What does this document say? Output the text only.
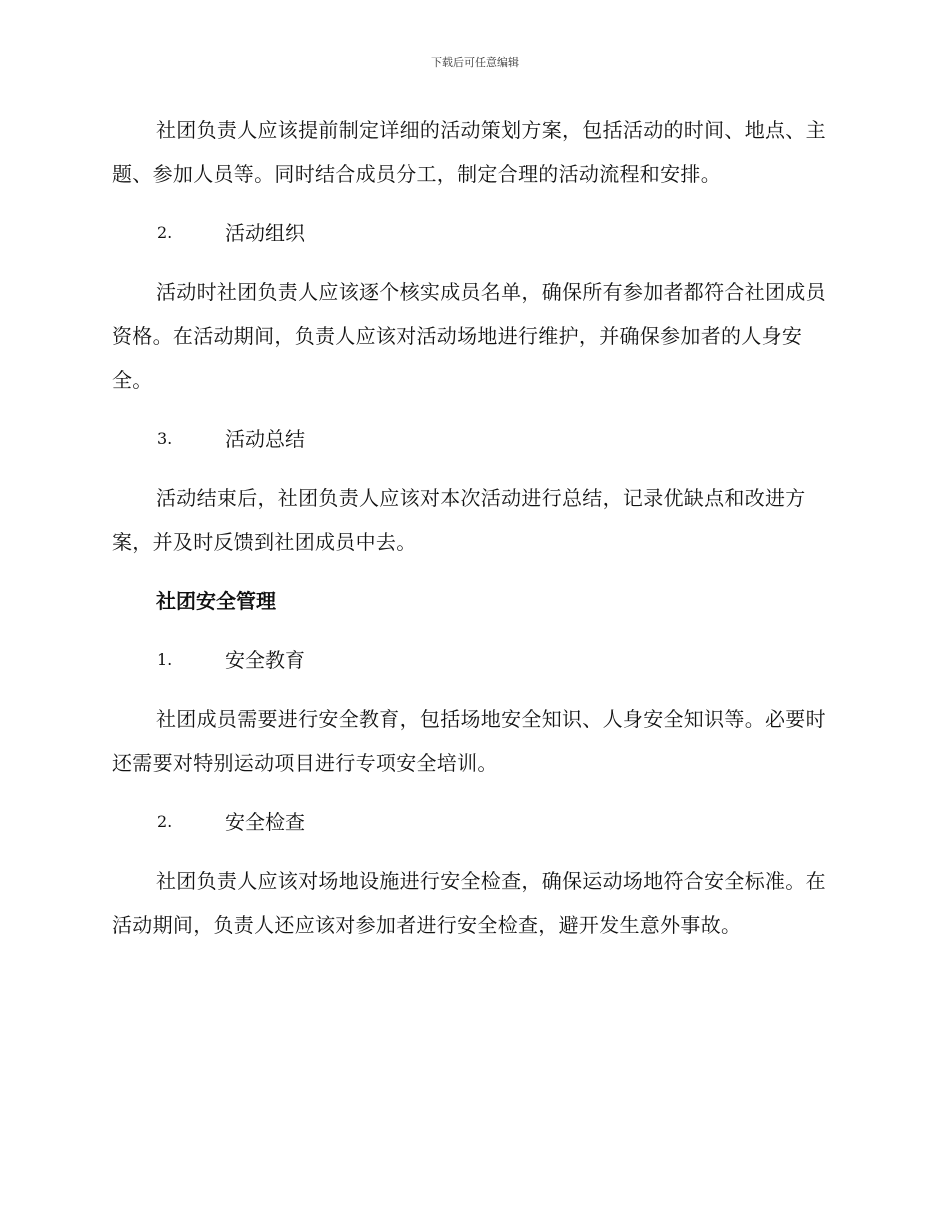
下载后可任意编辑

社团负责人应该提前制定详细的活动策划方案，包括活动的时间、地点、主题、参加人员等。同时结合成员分工，制定合理的活动流程和安排。

2.	活动组织

活动时社团负责人应该逐个核实成员名单，确保所有参加者都符合社团成员资格。在活动期间，负责人应该对活动场地进行维护，并确保参加者的人身安全。

3.	活动总结

活动结束后，社团负责人应该对本次活动进行总结，记录优缺点和改进方案，并及时反馈到社团成员中去。

社团安全管理
1.	安全教育

社团成员需要进行安全教育，包括场地安全知识、人身安全知识等。必要时还需要对特别运动项目进行专项安全培训。

2.	安全检查

社团负责人应该对场地设施进行安全检查，确保运动场地符合安全标准。在活动期间，负责人还应该对参加者进行安全检查，避开发生意外事故。
